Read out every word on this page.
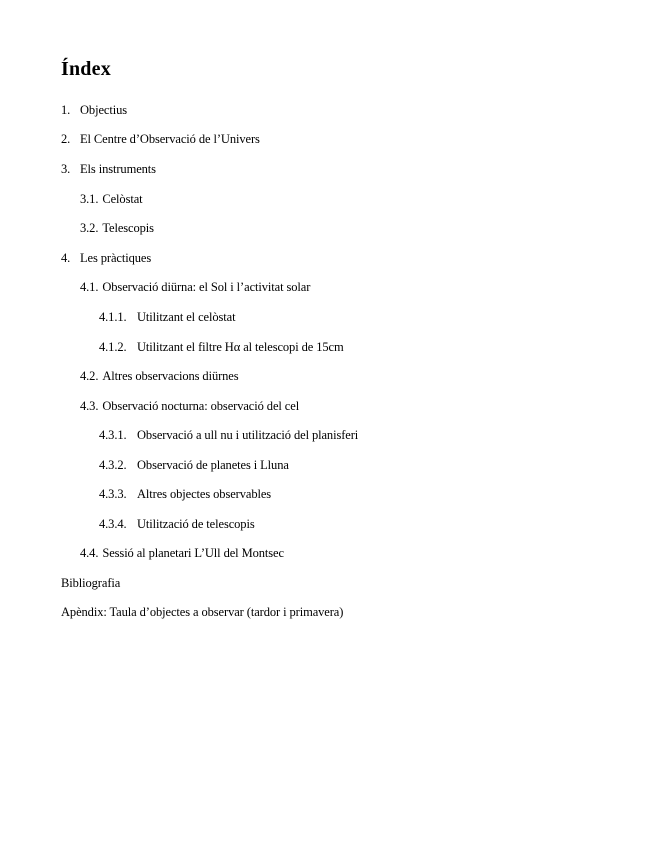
Índex
1. Objectius
2. El Centre d’Observació de l’Univers
3. Els instruments
3.1. Celòstat
3.2. Telescopis
4. Les pràctiques
4.1. Observació diürna: el Sol i l’activitat solar
4.1.1. Utilitzant el celòstat
4.1.2. Utilitzant el filtre Hα al telescopi de 15cm
4.2. Altres observacions diürnes
4.3. Observació nocturna: observació del cel
4.3.1. Observació a ull nu i utilització del planisferi
4.3.2. Observació de planetes i Lluna
4.3.3. Altres objectes observables
4.3.4. Utilització de telescopis
4.4. Sessió al planetari L’Ull del Montsec
Bibliografia
Apèndix: Taula d’objectes a observar (tardor i primavera)
